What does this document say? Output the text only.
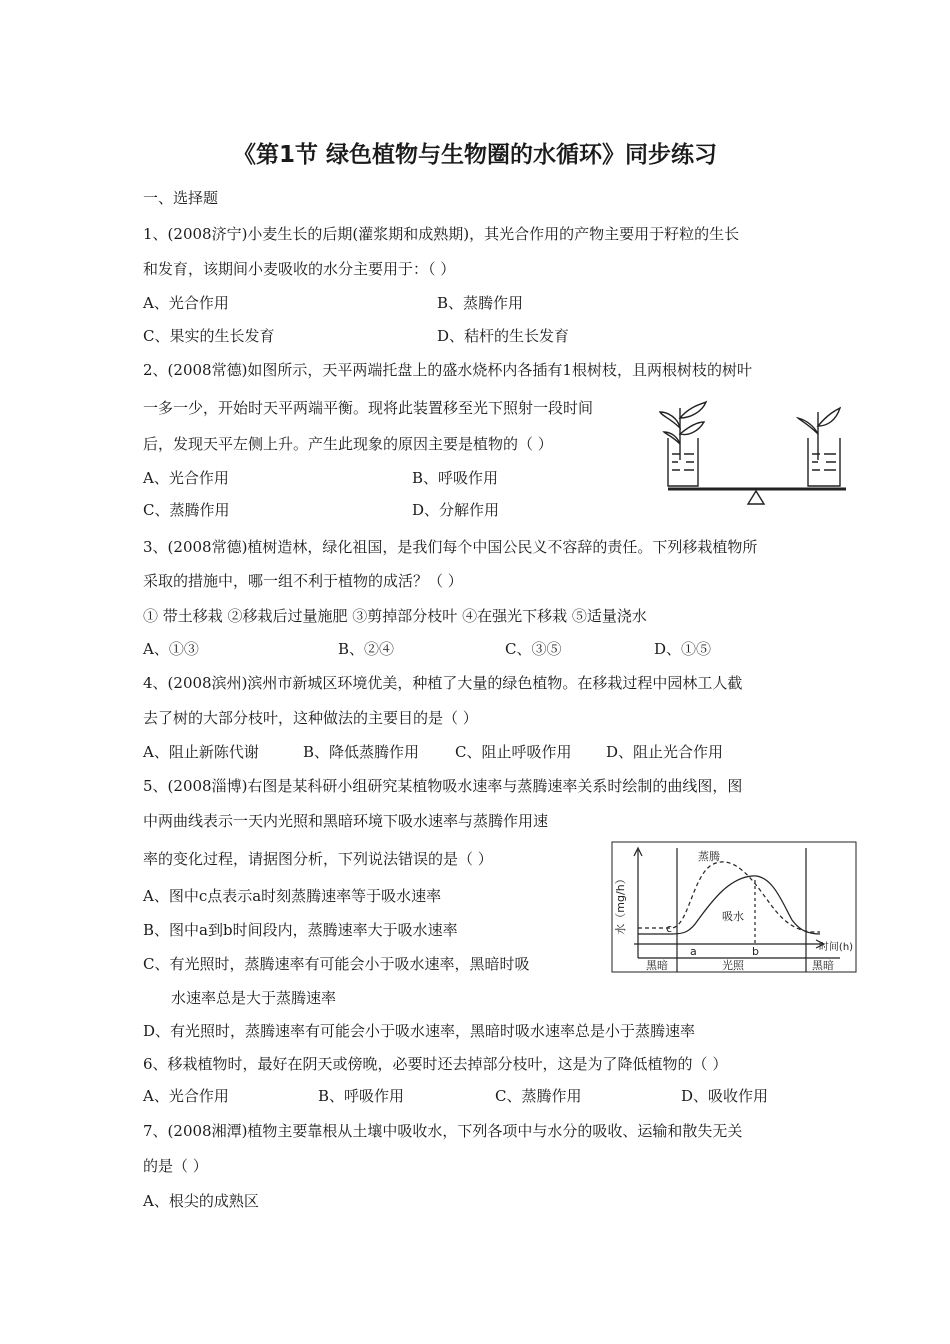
《第1节 绿色植物与生物圈的水循环》同步练习
一、选择题
1、(2008济宁)小麦生长的后期(灌浆期和成熟期)，其光合作用的产物主要用于籽粒的生长
和发育，该期间小麦吸收的水分主要用于：（ ）
A、光合作用	B、蒸腾作用
C、果实的生长发育	D、秸杆的生长发育
2、(2008常德)如图所示，天平两端托盘上的盛水烧杯内各插有1根树枝，且两根树枝的树叶
一多一少，开始时天平两端平衡。现将此装置移至光下照射一段时间
后，发现天平左侧上升。产生此现象的原因主要是植物的（ ）
A、光合作用	B、呼吸作用
C、蒸腾作用	D、分解作用
3、(2008常德)植树造林，绿化祖国，是我们每个中国公民义不容辞的责任。下列移栽植物所
采取的措施中，哪一组不利于植物的成活？（ ）
① 带土移栽 ②移栽后过量施肥 ③剪掉部分枝叶 ④在强光下移栽 ⑤适量浇水
A、①③	B、②④	C、③⑤	D、①⑤
4、(2008滨州)滨州市新城区环境优美，种植了大量的绿色植物。在移栽过程中园林工人截
去了树的大部分枝叶，这种做法的主要目的是（ ）
A、阻止新陈代谢	B、降低蒸腾作用 C、阻止呼吸作用 D、阻止光合作用
5、(2008淄博)右图是某科研小组研究某植物吸水速率与蒸腾速率关系时绘制的曲线图，图
中两曲线表示一天内光照和黑暗环境下吸水速率与蒸腾作用速
率的变化过程，请据图分析，下列说法错误的是（ ）
A、图中c点表示a时刻蒸腾速率等于吸水速率
B、图中a到b时间段内，蒸腾速率大于吸水速率
C、有光照时，蒸腾速率有可能会小于吸水速率，黑暗时吸
水速率总是大于蒸腾速率
D、有光照时，蒸腾速率有可能会小于吸水速率，黑暗时吸水速率总是小于蒸腾速率
水（mg/h）
时间(h)
蒸腾
吸水
c
a	b
黑暗	光照	黑暗
6、移栽植物时，最好在阴天或傍晚，必要时还去掉部分枝叶，这是为了降低植物的（ ）
A、光合作用	B、呼吸作用	C、蒸腾作用	D、吸收作用
7、(2008湘潭)植物主要靠根从土壤中吸收水，下列各项中与水分的吸收、运输和散失无关
的是（ ）
A、根尖的成熟区
